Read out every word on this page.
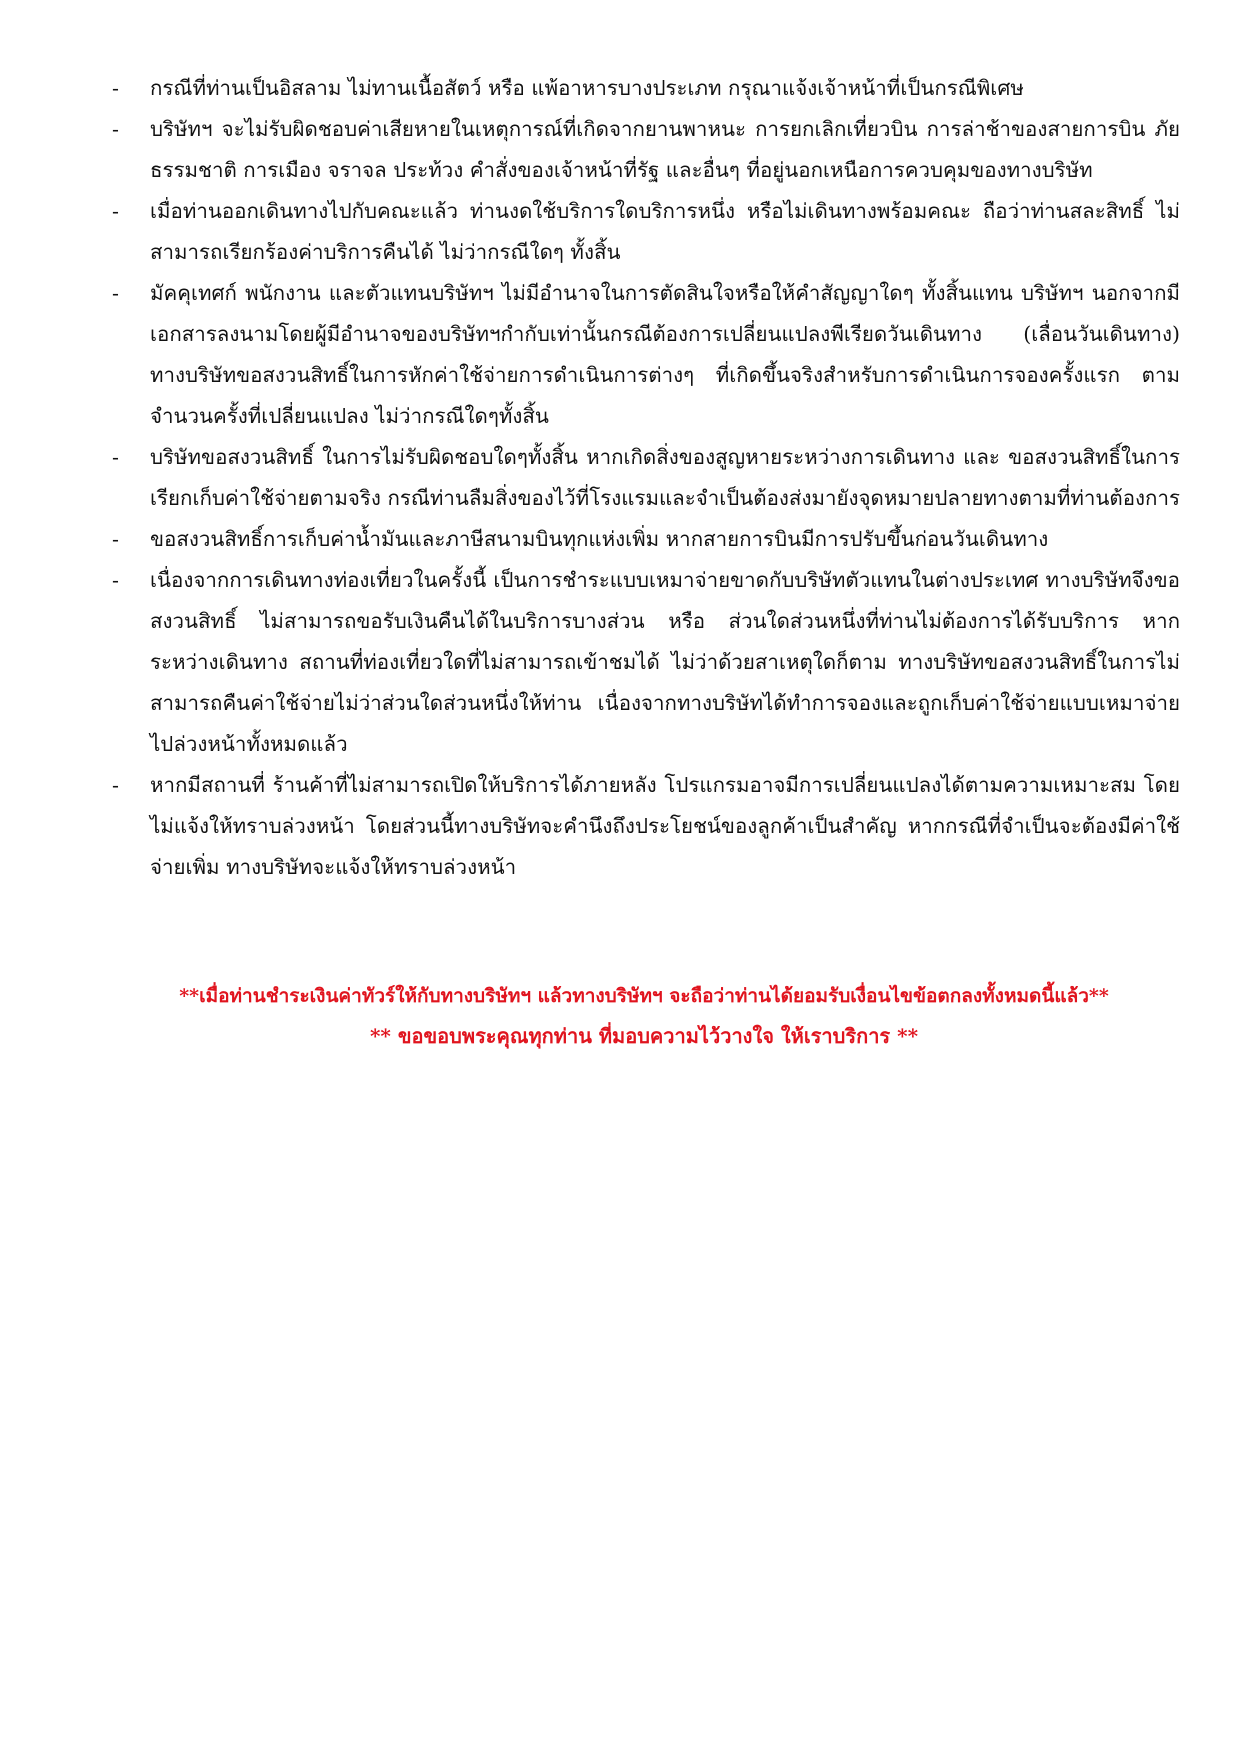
- กรณีที่ท่านเป็นอิสลาม ไม่ทานเนื้อสัตว์ หรือ แพ้อาหารบางประเภท กรุณาแจ้งเจ้าหน้าที่เป็นกรณีพิเศษ
- บริษัทฯ จะไม่รับผิดชอบค่าเสียหายในเหตุการณ์ที่เกิดจากยานพาหนะ การยกเลิกเที่ยวบิน การล่าช้าของสายการบิน ภัยธรรมชาติ การเมือง จราจล ประท้วง คำสั่งของเจ้าหน้าที่รัฐ และอื่นๆ ที่อยู่นอกเหนือการควบคุมของทางบริษัท
- เมื่อท่านออกเดินทางไปกับคณะแล้ว ท่านงดใช้บริการใดบริการหนึ่ง หรือไม่เดินทางพร้อมคณะ ถือว่าท่านสละสิทธิ์ ไม่สามารถเรียกร้องค่าบริการคืนได้ ไม่ว่ากรณีใดๆ ทั้งสิ้น
- มัคคุเทศก์ พนักงาน และตัวแทนบริษัทฯ ไม่มีอำนาจในการตัดสินใจหรือให้คำสัญญาใดๆ ทั้งสิ้นแทน บริษัทฯ นอกจากมีเอกสารลงนามโดยผู้มีอำนาจของบริษัทฯกำกับเท่านั้นกรณีต้องการเปลี่ยนแปลงพีเรียดวันเดินทาง (เลื่อนวันเดินทาง) ทางบริษัทขอสงวนสิทธิ์ในการหักค่าใช้จ่ายการดำเนินการต่างๆ ที่เกิดขึ้นจริงสำหรับการดำเนินการจองครั้งแรก ตามจำนวนครั้งที่เปลี่ยนแปลง ไม่ว่ากรณีใดๆทั้งสิ้น
- บริษัทขอสงวนสิทธิ์ ในการไม่รับผิดชอบใดๆทั้งสิ้น หากเกิดสิ่งของสูญหายระหว่างการเดินทาง และ ขอสงวนสิทธิ์ในการเรียกเก็บค่าใช้จ่ายตามจริง กรณีท่านลืมสิ่งของไว้ที่โรงแรมและจำเป็นต้องส่งมายังจุดหมายปลายทางตามที่ท่านต้องการ
- ขอสงวนสิทธิ์การเก็บค่าน้ำมันและภาษีสนามบินทุกแห่งเพิ่ม หากสายการบินมีการปรับขึ้นก่อนวันเดินทาง
- เนื่องจากการเดินทางท่องเที่ยวในครั้งนี้ เป็นการชำระแบบเหมาจ่ายขาดกับบริษัทตัวแทนในต่างประเทศ ทางบริษัทจึงขอสงวนสิทธิ์ ไม่สามารถขอรับเงินคืนได้ในบริการบางส่วน หรือ ส่วนใดส่วนหนึ่งที่ท่านไม่ต้องการได้รับบริการ หากระหว่างเดินทาง สถานที่ท่องเที่ยวใดที่ไม่สามารถเข้าชมได้ ไม่ว่าด้วยสาเหตุใดก็ตาม ทางบริษัทขอสงวนสิทธิ์ในการไม่สามารถคืนค่าใช้จ่ายไม่ว่าส่วนใดส่วนหนึ่งให้ท่าน เนื่องจากทางบริษัทได้ทำการจองและถูกเก็บค่าใช้จ่ายแบบเหมาจ่ายไปล่วงหน้าทั้งหมดแล้ว
- หากมีสถานที่ ร้านค้าที่ไม่สามารถเปิดให้บริการได้ภายหลัง โปรแกรมอาจมีการเปลี่ยนแปลงได้ตามความเหมาะสม โดยไม่แจ้งให้ทราบล่วงหน้า โดยส่วนนี้ทางบริษัทจะคำนึงถึงประโยชน์ของลูกค้าเป็นสำคัญ หากกรณีที่จำเป็นจะต้องมีค่าใช้จ่ายเพิ่ม ทางบริษัทจะแจ้งให้ทราบล่วงหน้า
**เมื่อท่านชำระเงินค่าทัวร์ให้กับทางบริษัทฯ แล้วทางบริษัทฯ จะถือว่าท่านได้ยอมรับเงื่อนไขข้อตกลงทั้งหมดนี้แล้ว**
** ขอขอบพระคุณทุกท่าน ที่มอบความไว้วางใจ ให้เราบริการ **
